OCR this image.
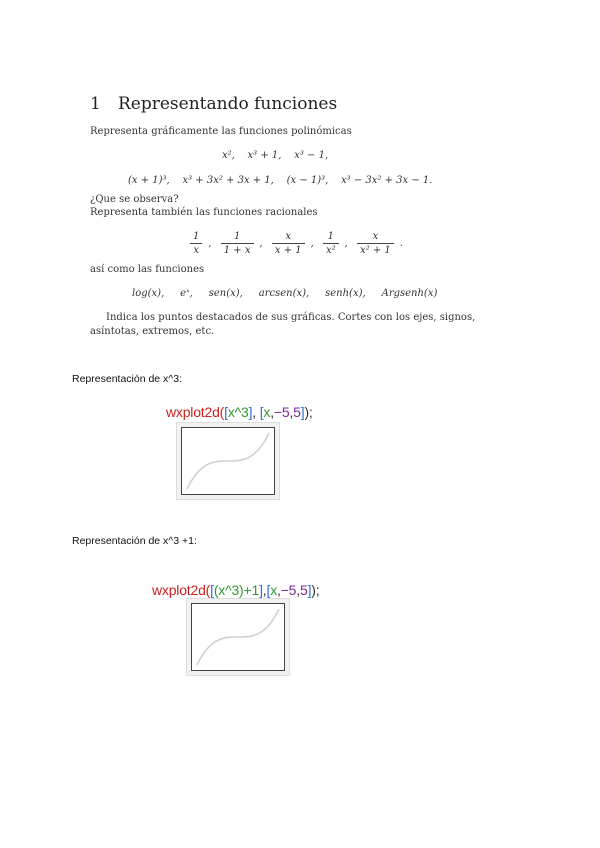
1 Representando funciones
Representa gráficamente las funciones polinómicas
x², x³ + 1, x³ − 1,
(x + 1)³, x³ + 3x² + 3x + 1, (x − 1)³, x³ − 3x² + 3x − 1.
¿Que se observa?
Representa también las funciones racionales
$\frac{1}{x}$ , $\frac{1}{1 + x}$ , $\frac{x}{x + 1}$ , $\frac{1}{\text{x²}}$ , $\frac{x}{\text{x² + 1}}$ .
así como las funciones
log(x), eˣ, sen(x), arcsen(x), senh(x), Argsenh(x)
Indica los puntos destacados de sus gráficas. Cortes con los ejes, signos,
asíntotas, extremos, etc.
Representación de x^3:
wxplot2d([x^3], [x,−5,5]);
Representación de x^3 +1:
wxplot2d([(x^3)+1],[x,−5,5]);
